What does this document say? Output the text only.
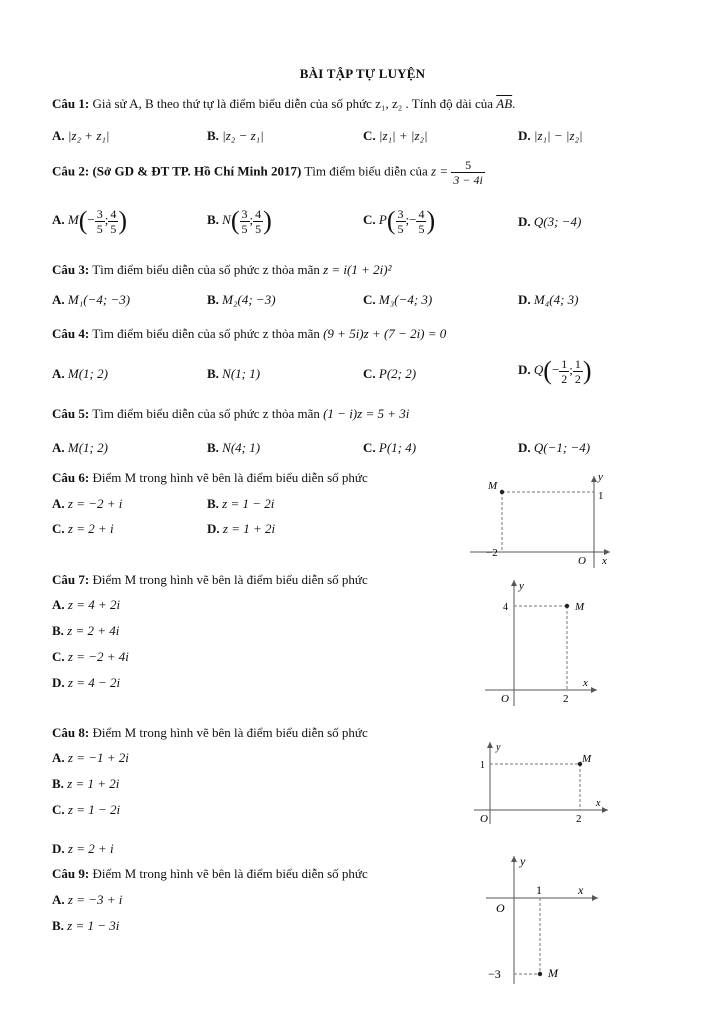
BÀI TẬP TỰ LUYỆN
Câu 1: Giả sử A, B theo thứ tự là điểm biểu diễn của số phức z₁, z₂ . Tính độ dài của $\overline{AB}$.
A. |z₂ + z₁|	B. |z₂ − z₁|	C. |z₁| + |z₂|	D. |z₁| − |z₂|
Câu 2: (Sở GD & ĐT TP. Hồ Chí Minh 2017) Tìm điểm biểu diễn của $z = \frac{5}{3 - 4i}$
A. $M(- \frac{3}{5}$ ; $\frac{4}{5}$ )	B. $N( \frac{3}{5}$ ; $\frac{4}{5}$ )	C. $P( \frac{3}{5}$ ;− $\frac{4}{5}$ )	D. Q(3; −4)
Câu 3: Tìm điểm biểu diễn của số phức z thỏa mãn z = i(1 + 2i)²
A. M₁(−4; −3)	B. M₂(4; −3)	C. M₃(−4; 3)	D. M₄(4; 3)
Câu 4: Tìm điểm biểu diễn của số phức z thỏa mãn (9 + 5i)z + (7 − 2i) = 0
A. M(1; 2)	B. N(1; 1)	C. P(2; 2)	D. $Q(- \frac{1}{2}$ ; $\frac{1}{2}$ )
Câu 5: Tìm điểm biểu diễn của số phức z thỏa mãn (1 − i)z = 5 + 3i
A. M(1; 2)	B. N(4; 1)	C. P(1; 4)	D. Q(−1; −4)
Câu 6: Điểm M trong hình vẽ bên là điểm biểu diễn số phức
A. z = −2 + i	B. z = 1 − 2i
C. z = 2 + i	D. z = 1 + 2i
M
y
1
−2
O x
Câu 7: Điểm M trong hình vẽ bên là điểm biểu diễn số phức
A. z = 4 + 2i
B. z = 2 + 4i
C. z = −2 + 4i
D. z = 4 − 2i
M
y
4
O	2
x
Câu 8: Điểm M trong hình vẽ bên là điểm biểu diễn số phức
A. z = −1 + 2i
B. z = 1 + 2i
C. z = 1 − 2i
D. z = 2 + i
M
y
1
O	2
x
Câu 9: Điểm M trong hình vẽ bên là điểm biểu diễn số phức
A. z = −3 + i
B. z = 1 − 3i
M
y
1	x
O
−3
